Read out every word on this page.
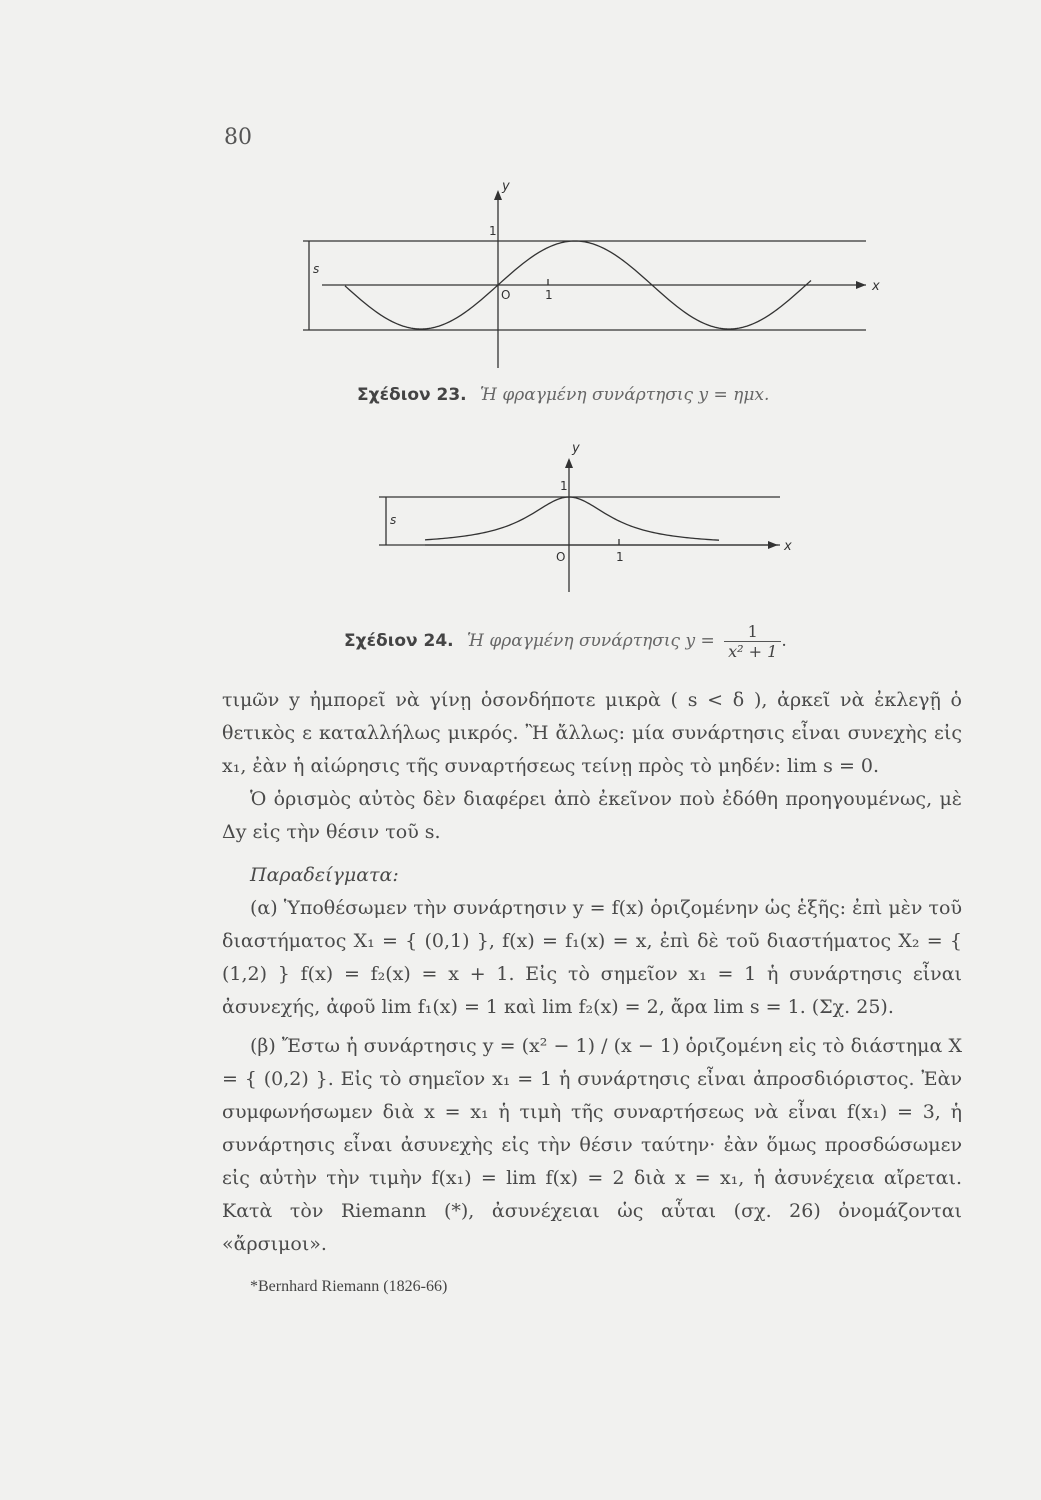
80
y
x
1
1
O
s
Σχέδιον 23. Ἡ φραγμένη συνάρτησις y = ημx.
y
x
1
1
O
s
Σχέδιον 24. Ἡ φραγμένη συνάρτησις $y = \frac{1}{\text{x² + 1}}$ .

τιμῶν y ἠμπορεῖ νὰ γίνῃ ὁσονδήποτε μικρὰ ( s < δ ), ἀρκεῖ νὰ ἐκλεγῇ ὁ θετικὸς ε καταλλήλως μικρός. Ἢ ἄλλως: μία συνάρτησις εἶναι συνεχὴς εἰς x₁, ἐὰν ἡ αἰώρησις τῆς συναρτήσεως τείνῃ πρὸς τὸ μηδέν: lim s = 0.

Ὁ ὁρισμὸς αὐτὸς δὲν διαφέρει ἀπὸ ἐκεῖνον ποὺ ἐδόθη προηγουμένως, μὲ Δy εἰς τὴν θέσιν τοῦ s.

Παραδείγματα:

(α) Ὑποθέσωμεν τὴν συνάρτησιν y = f(x) ὁριζομένην ὡς ἑξῆς: ἐπὶ μὲν τοῦ διαστήματος X₁ = { (0,1) }, f(x) = f₁(x) = x, ἐπὶ δὲ τοῦ διαστήματος X₂ = { (1,2) } f(x) = f₂(x) = x + 1. Εἰς τὸ σημεῖον x₁ = 1 ἡ συνάρτησις εἶναι ἀσυνεχής, ἀφοῦ lim f₁(x) = 1 καὶ lim f₂(x) = 2, ἄρα lim s = 1. (Σχ. 25).

(β) Ἔστω ἡ συνάρτησις y = (x² − 1) / (x − 1) ὁριζομένη εἰς τὸ διάστημα X = { (0,2) }. Εἰς τὸ σημεῖον x₁ = 1 ἡ συνάρτησις εἶναι ἀπροσδιόριστος. Ἐὰν συμφωνήσωμεν διὰ x = x₁ ἡ τιμὴ τῆς συναρτήσεως νὰ εἶναι f(x₁) = 3, ἡ συνάρτησις εἶναι ἀσυνεχὴς εἰς τὴν θέσιν ταύτην· ἐὰν ὅμως προσδώσωμεν εἰς αὐτὴν τὴν τιμὴν f(x₁) = lim f(x) = 2 διὰ x = x₁, ἡ ἀσυνέχεια αἴρεται. Κατὰ τὸν Riemann (*), ἀσυνέχειαι ὡς αὗται (σχ. 26) ὀνομάζονται «ἄρσιμοι».

*Bernhard Riemann (1826-66)
